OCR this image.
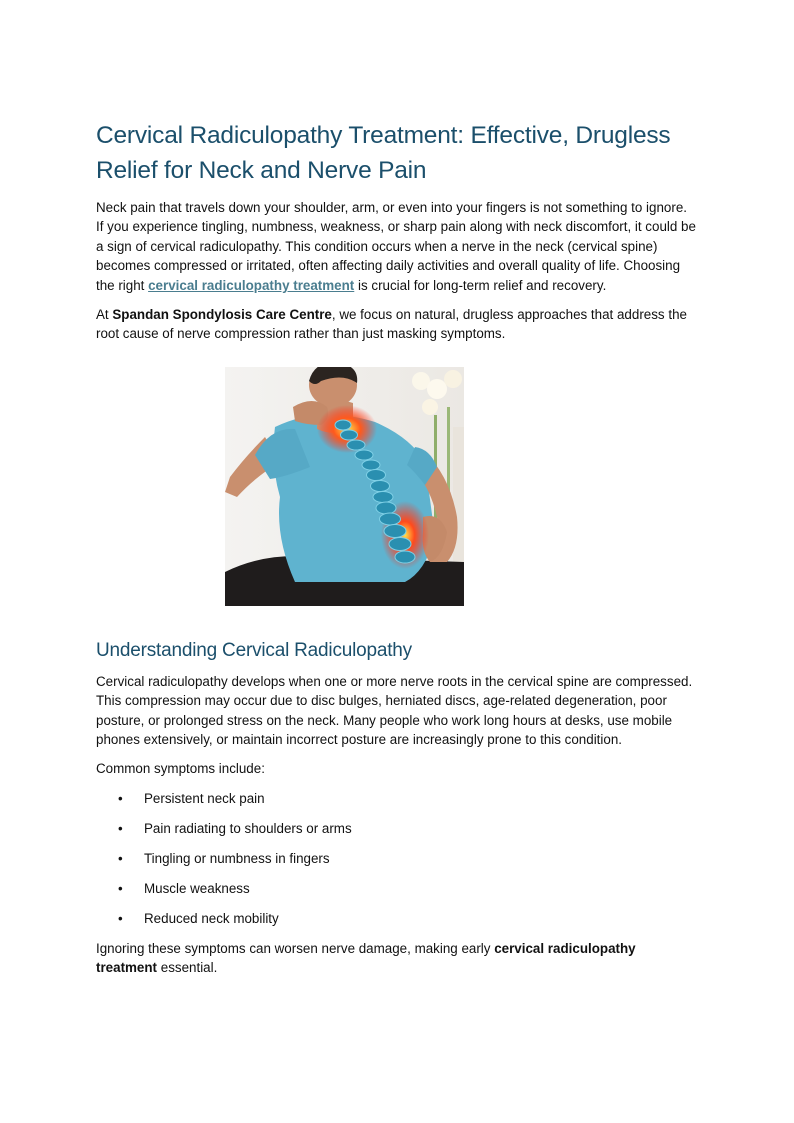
Cervical Radiculopathy Treatment: Effective, Drugless Relief for Neck and Nerve Pain

Neck pain that travels down your shoulder, arm, or even into your fingers is not something to ignore. If you experience tingling, numbness, weakness, or sharp pain along with neck discomfort, it could be a sign of cervical radiculopathy. This condition occurs when a nerve in the neck (cervical spine) becomes compressed or irritated, often affecting daily activities and overall quality of life. Choosing the right cervical radiculopathy treatment is crucial for long-term relief and recovery.

At Spandan Spondylosis Care Centre, we focus on natural, drugless approaches that address the root cause of nerve compression rather than just masking symptoms.

Understanding Cervical Radiculopathy

Cervical radiculopathy develops when one or more nerve roots in the cervical spine are compressed. This compression may occur due to disc bulges, herniated discs, age-related degeneration, poor posture, or prolonged stress on the neck. Many people who work long hours at desks, use mobile phones extensively, or maintain incorrect posture are increasingly prone to this condition.

Common symptoms include:

• Persistent neck pain
• Pain radiating to shoulders or arms
• Tingling or numbness in fingers
• Muscle weakness
• Reduced neck mobility

Ignoring these symptoms can worsen nerve damage, making early cervical radiculopathy treatment essential.
